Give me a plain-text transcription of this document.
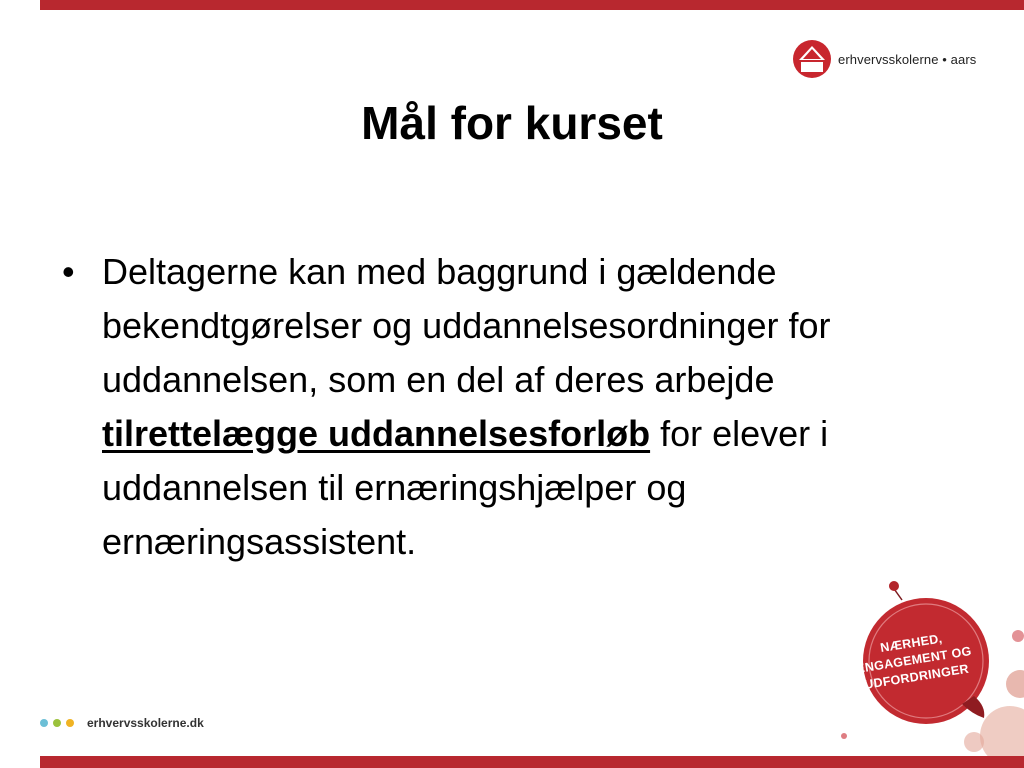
erhvervsskolerne • aars
Mål for kurset
• Deltagerne kan med baggrund i gældende bekendtgørelser og uddannelsesordninger for uddannelsen, som en del af deres arbejde tilrettelægge uddannelsesforløb for elever i uddannelsen til ernæringshjælper og ernæringsassistent.
NÆRHED,
ENGAGEMENT OG
UDFORDRINGER
erhvervsskolerne.dk
